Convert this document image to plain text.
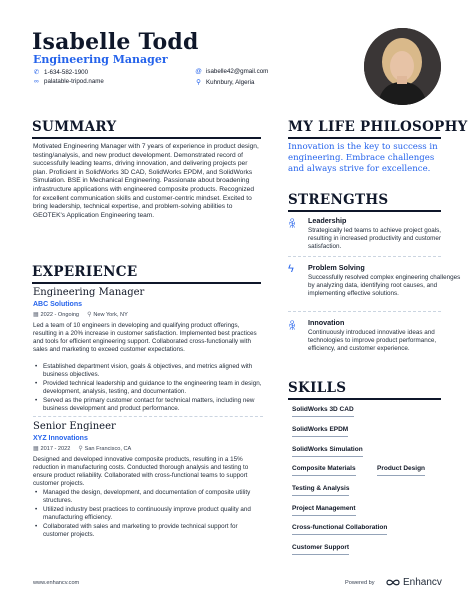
Isabelle Todd
Engineering Manager
✆ 1-634-582-1900	@ isabelle42@gmail.com
∞ palatable-tripod.name	⚲ Kuhnbury, Algeria
SUMMARY
Motivated Engineering Manager with 7 years of experience in product design, testing/analysis, and new product development. Demonstrated record of successfully leading teams, driving innovation, and delivering projects per plan. Proficient in SolidWorks 3D CAD, SolidWorks EPDM, and SolidWorks Simulation. BSE in Mechanical Engineering. Passionate about broadening infrastructure applications with engineered composite products. Recognized for excellent communication skills and customer-centric mindset. Excited to bring leadership, technical expertise, and problem-solving abilities to GEOTEK's Application Engineering team.
EXPERIENCE
Engineering Manager
ABC Solutions
▦ 2022 - Ongoing ⚲ New York, NY
Led a team of 10 engineers in developing and qualifying product offerings, resulting in a 20% increase in customer satisfaction. Implemented best practices and tools for efficient engineering support. Collaborated cross-functionally with sales and marketing to exceed customer expectations.
• Established department vision, goals & objectives, and metrics aligned with business objectives.
• Provided technical leadership and guidance to the engineering team in design, development, analysis, testing, and documentation.
• Served as the primary customer contact for technical matters, including new business development and product performance.
Senior Engineer
XYZ Innovations
▦ 2017 - 2022 ⚲ San Francisco, CA
Designed and developed innovative composite products, resulting in a 15% reduction in manufacturing costs. Conducted thorough analysis and testing to ensure product reliability. Collaborated with cross-functional teams to support customer projects.
• Managed the design, development, and documentation of composite utility structures.
• Utilized industry best practices to continuously improve product quality and manufacturing efficiency.
• Collaborated with sales and marketing to provide technical support for customer projects.
MY LIFE PHILOSOPHY
Innovation is the key to success in engineering. Embrace challenges and always strive for excellence.
STRENGTHS
ꆜ	Leadership
Strategically led teams to achieve project goals, resulting in increased productivity and customer satisfaction.
ϟ	Problem Solving
Successfully resolved complex engineering challenges by analyzing data, identifying root causes, and implementing effective solutions.
ꆜ	Innovation
Continuously introduced innovative ideas and technologies to improve product performance, efficiency, and customer experience.
SKILLS
SolidWorks 3D CAD
SolidWorks EPDM
SolidWorks Simulation
Composite Materials	Product Design
Testing & Analysis
Project Management
Cross-functional Collaboration
Customer Support
www.enhancv.com	Powered by	Enhancv
